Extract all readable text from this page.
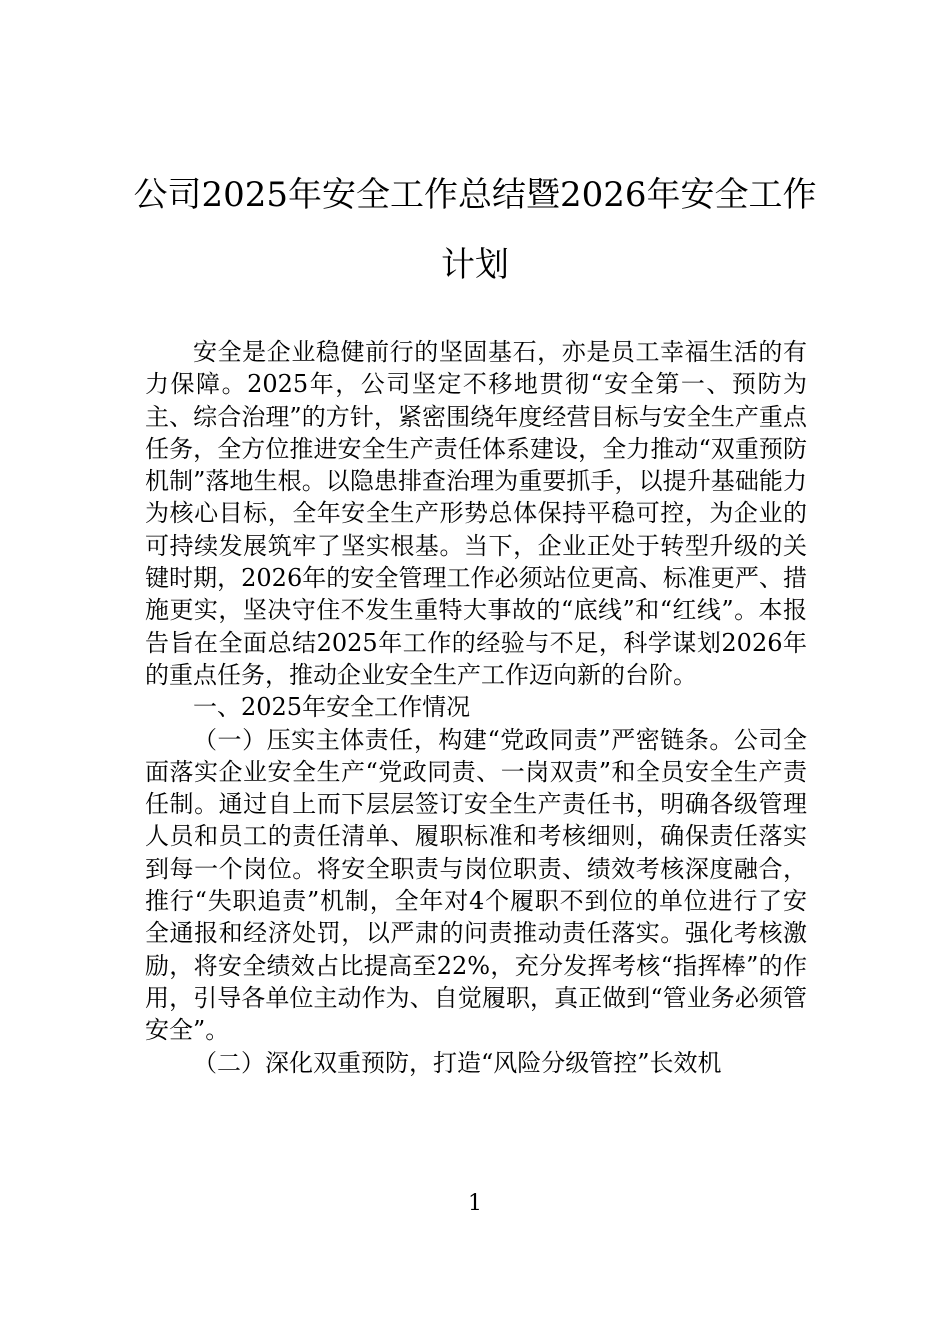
公司2025年安全工作总结暨2026年安全工作计划

安全是企业稳健前行的坚固基石，亦是员工幸福生活的有力保障。2025年，公司坚定不移地贯彻“安全第一、预防为主、综合治理”的方针，紧密围绕年度经营目标与安全生产重点任务，全方位推进安全生产责任体系建设，全力推动“双重预防机制”落地生根。以隐患排查治理为重要抓手，以提升基础能力为核心目标，全年安全生产形势总体保持平稳可控，为企业的可持续发展筑牢了坚实根基。当下，企业正处于转型升级的关键时期，2026年的安全管理工作必须站位更高、标准更严、措施更实，坚决守住不发生重特大事故的“底线”和“红线”。本报告旨在全面总结2025年工作的经验与不足，科学谋划2026年的重点任务，推动企业安全生产工作迈向新的台阶。

一、2025年安全工作情况

（一）压实主体责任，构建“党政同责”严密链条。公司全面落实企业安全生产“党政同责、一岗双责”和全员安全生产责任制。通过自上而下层层签订安全生产责任书，明确各级管理人员和员工的责任清单、履职标准和考核细则，确保责任落实到每一个岗位。将安全职责与岗位职责、绩效考核深度融合，推行“失职追责”机制，全年对4个履职不到位的单位进行了安全通报和经济处罚，以严肃的问责推动责任落实。强化考核激励，将安全绩效占比提高至22%，充分发挥考核“指挥棒”的作用，引导各单位主动作为、自觉履职，真正做到“管业务必须管安全”。

（二）深化双重预防，打造“风险分级管控”长效机

1
